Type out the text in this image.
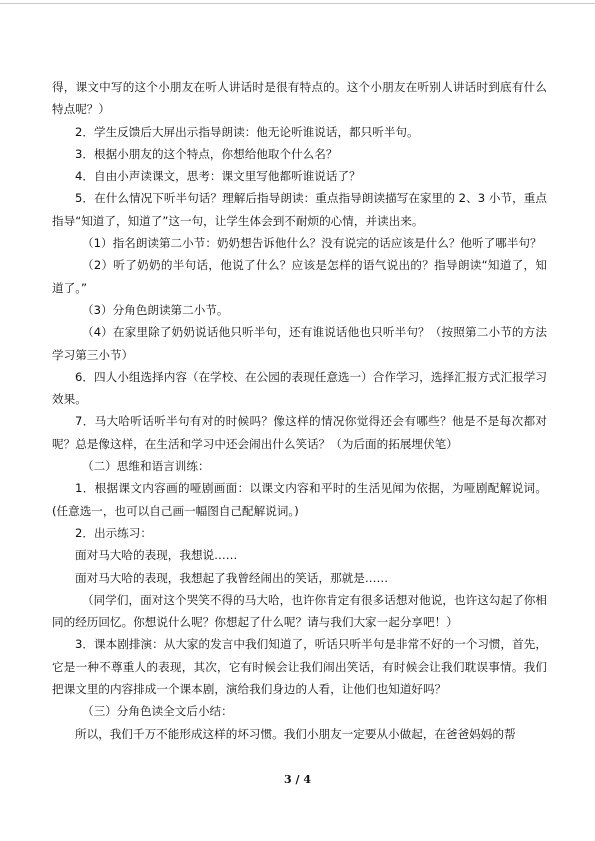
得，课文中写的这个小朋友在听人讲话时是很有特点的。这个小朋友在听别人讲话时到底有什么特点呢？）

2．学生反馈后大屏出示指导朗读：他无论听谁说话，都只听半句。

3．根据小朋友的这个特点，你想给他取个什么名？

4．自由小声读课文，思考：课文里写他都听谁说话了？

5．在什么情况下听半句话？理解后指导朗读：重点指导朗读描写在家里的 2、3 小节，重点指导“知道了，知道了”这一句，让学生体会到不耐烦的心情，并读出来。

（1）指名朗读第二小节：奶奶想告诉他什么？没有说完的话应该是什么？他听了哪半句？

（2）听了奶奶的半句话，他说了什么？应该是怎样的语气说出的？指导朗读“知道了，知道了。”

（3）分角色朗读第二小节。

（4）在家里除了奶奶说话他只听半句，还有谁说话他也只听半句？（按照第二小节的方法学习第三小节）

6．四人小组选择内容（在学校、在公园的表现任意选一）合作学习，选择汇报方式汇报学习效果。

7．马大哈听话听半句有对的时候吗？像这样的情况你觉得还会有哪些？他是不是每次都对呢？总是像这样，在生活和学习中还会闹出什么笑话？（为后面的拓展埋伏笔）

（二）思维和语言训练：

1．根据课文内容画的哑剧画面：以课文内容和平时的生活见闻为依据，为哑剧配解说词。(任意选一，也可以自己画一幅图自己配解说词。)

2．出示练习：

面对马大哈的表现，我想说……

面对马大哈的表现，我想起了我曾经闹出的笑话，那就是……

（同学们，面对这个哭笑不得的马大哈，也许你肯定有很多话想对他说，也许这勾起了你相同的经历回忆。你想说什么呢？你想起了什么呢？请与我们大家一起分享吧！）

3．课本剧排演：从大家的发言中我们知道了，听话只听半句是非常不好的一个习惯，首先，它是一种不尊重人的表现，其次，它有时候会让我们闹出笑话，有时候会让我们耽误事情。我们把课文里的内容排成一个课本剧，演给我们身边的人看，让他们也知道好吗？

（三）分角色读全文后小结：

所以，我们千万不能形成这样的坏习惯。我们小朋友一定要从小做起，在爸爸妈妈的帮

3 / 4
